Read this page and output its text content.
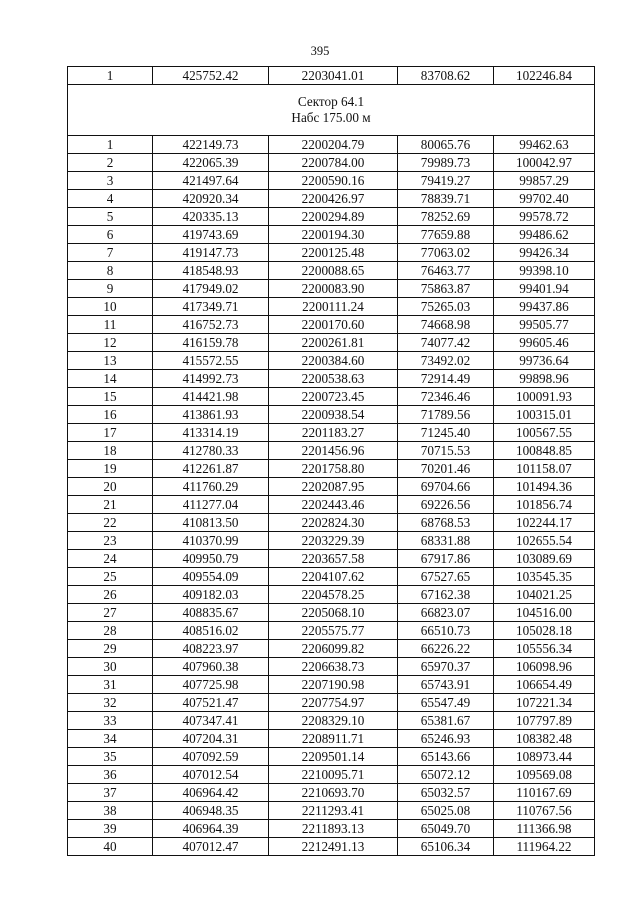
395
1	425752.42	2203041.01	83708.62	102246.84

Сектор 64.1
Набс 175.00 м				

1	422149.73	2200204.79	80065.76	99462.63
2	422065.39	2200784.00	79989.73	100042.97
3	421497.64	2200590.16	79419.27	99857.29
4	420920.34	2200426.97	78839.71	99702.40
5	420335.13	2200294.89	78252.69	99578.72
6	419743.69	2200194.30	77659.88	99486.62
7	419147.73	2200125.48	77063.02	99426.34
8	418548.93	2200088.65	76463.77	99398.10
9	417949.02	2200083.90	75863.87	99401.94
10	417349.71	2200111.24	75265.03	99437.86
11	416752.73	2200170.60	74668.98	99505.77
12	416159.78	2200261.81	74077.42	99605.46
13	415572.55	2200384.60	73492.02	99736.64
14	414992.73	2200538.63	72914.49	99898.96
15	414421.98	2200723.45	72346.46	100091.93
16	413861.93	2200938.54	71789.56	100315.01
17	413314.19	2201183.27	71245.40	100567.55
18	412780.33	2201456.96	70715.53	100848.85
19	412261.87	2201758.80	70201.46	101158.07
20	411760.29	2202087.95	69704.66	101494.36
21	411277.04	2202443.46	69226.56	101856.74
22	410813.50	2202824.30	68768.53	102244.17
23	410370.99	2203229.39	68331.88	102655.54
24	409950.79	2203657.58	67917.86	103089.69
25	409554.09	2204107.62	67527.65	103545.35
26	409182.03	2204578.25	67162.38	104021.25
27	408835.67	2205068.10	66823.07	104516.00
28	408516.02	2205575.77	66510.73	105028.18
29	408223.97	2206099.82	66226.22	105556.34
30	407960.38	2206638.73	65970.37	106098.96
31	407725.98	2207190.98	65743.91	106654.49
32	407521.47	2207754.97	65547.49	107221.34
33	407347.41	2208329.10	65381.67	107797.89
34	407204.31	2208911.71	65246.93	108382.48
35	407092.59	2209501.14	65143.66	108973.44
36	407012.54	2210095.71	65072.12	109569.08
37	406964.42	2210693.70	65032.57	110167.69
38	406948.35	2211293.41	65025.08	110767.56
39	406964.39	2211893.13	65049.70	111366.98
40	407012.47	2212491.13	65106.34	111964.22
